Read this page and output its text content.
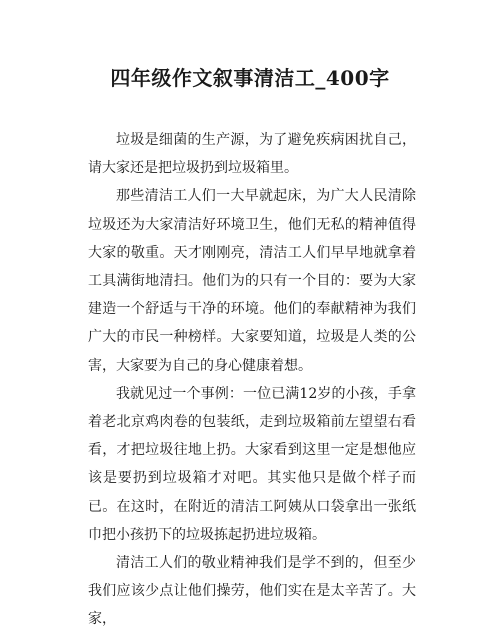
四年级作文叙事清洁工_400字

垃圾是细菌的生产源，为了避免疾病困扰自己，请大家还是把垃圾扔到垃圾箱里。

那些清洁工人们一大早就起床，为广大人民清除垃圾还为大家清洁好环境卫生，他们无私的精神值得大家的敬重。天才刚刚亮，清洁工人们早早地就拿着工具满街地清扫。他们为的只有一个目的：要为大家建造一个舒适与干净的环境。他们的奉献精神为我们广大的市民一种榜样。大家要知道，垃圾是人类的公害，大家要为自己的身心健康着想。

我就见过一个事例：一位已满12岁的小孩，手拿着老北京鸡肉卷的包装纸，走到垃圾箱前左望望右看看，才把垃圾往地上扔。大家看到这里一定是想他应该是要扔到垃圾箱才对吧。其实他只是做个样子而已。在这时，在附近的清洁工阿姨从口袋拿出一张纸巾把小孩扔下的垃圾拣起扔进垃圾箱。

清洁工人们的敬业精神我们是学不到的，但至少我们应该少点让他们操劳，他们实在是太辛苦了。大家，
